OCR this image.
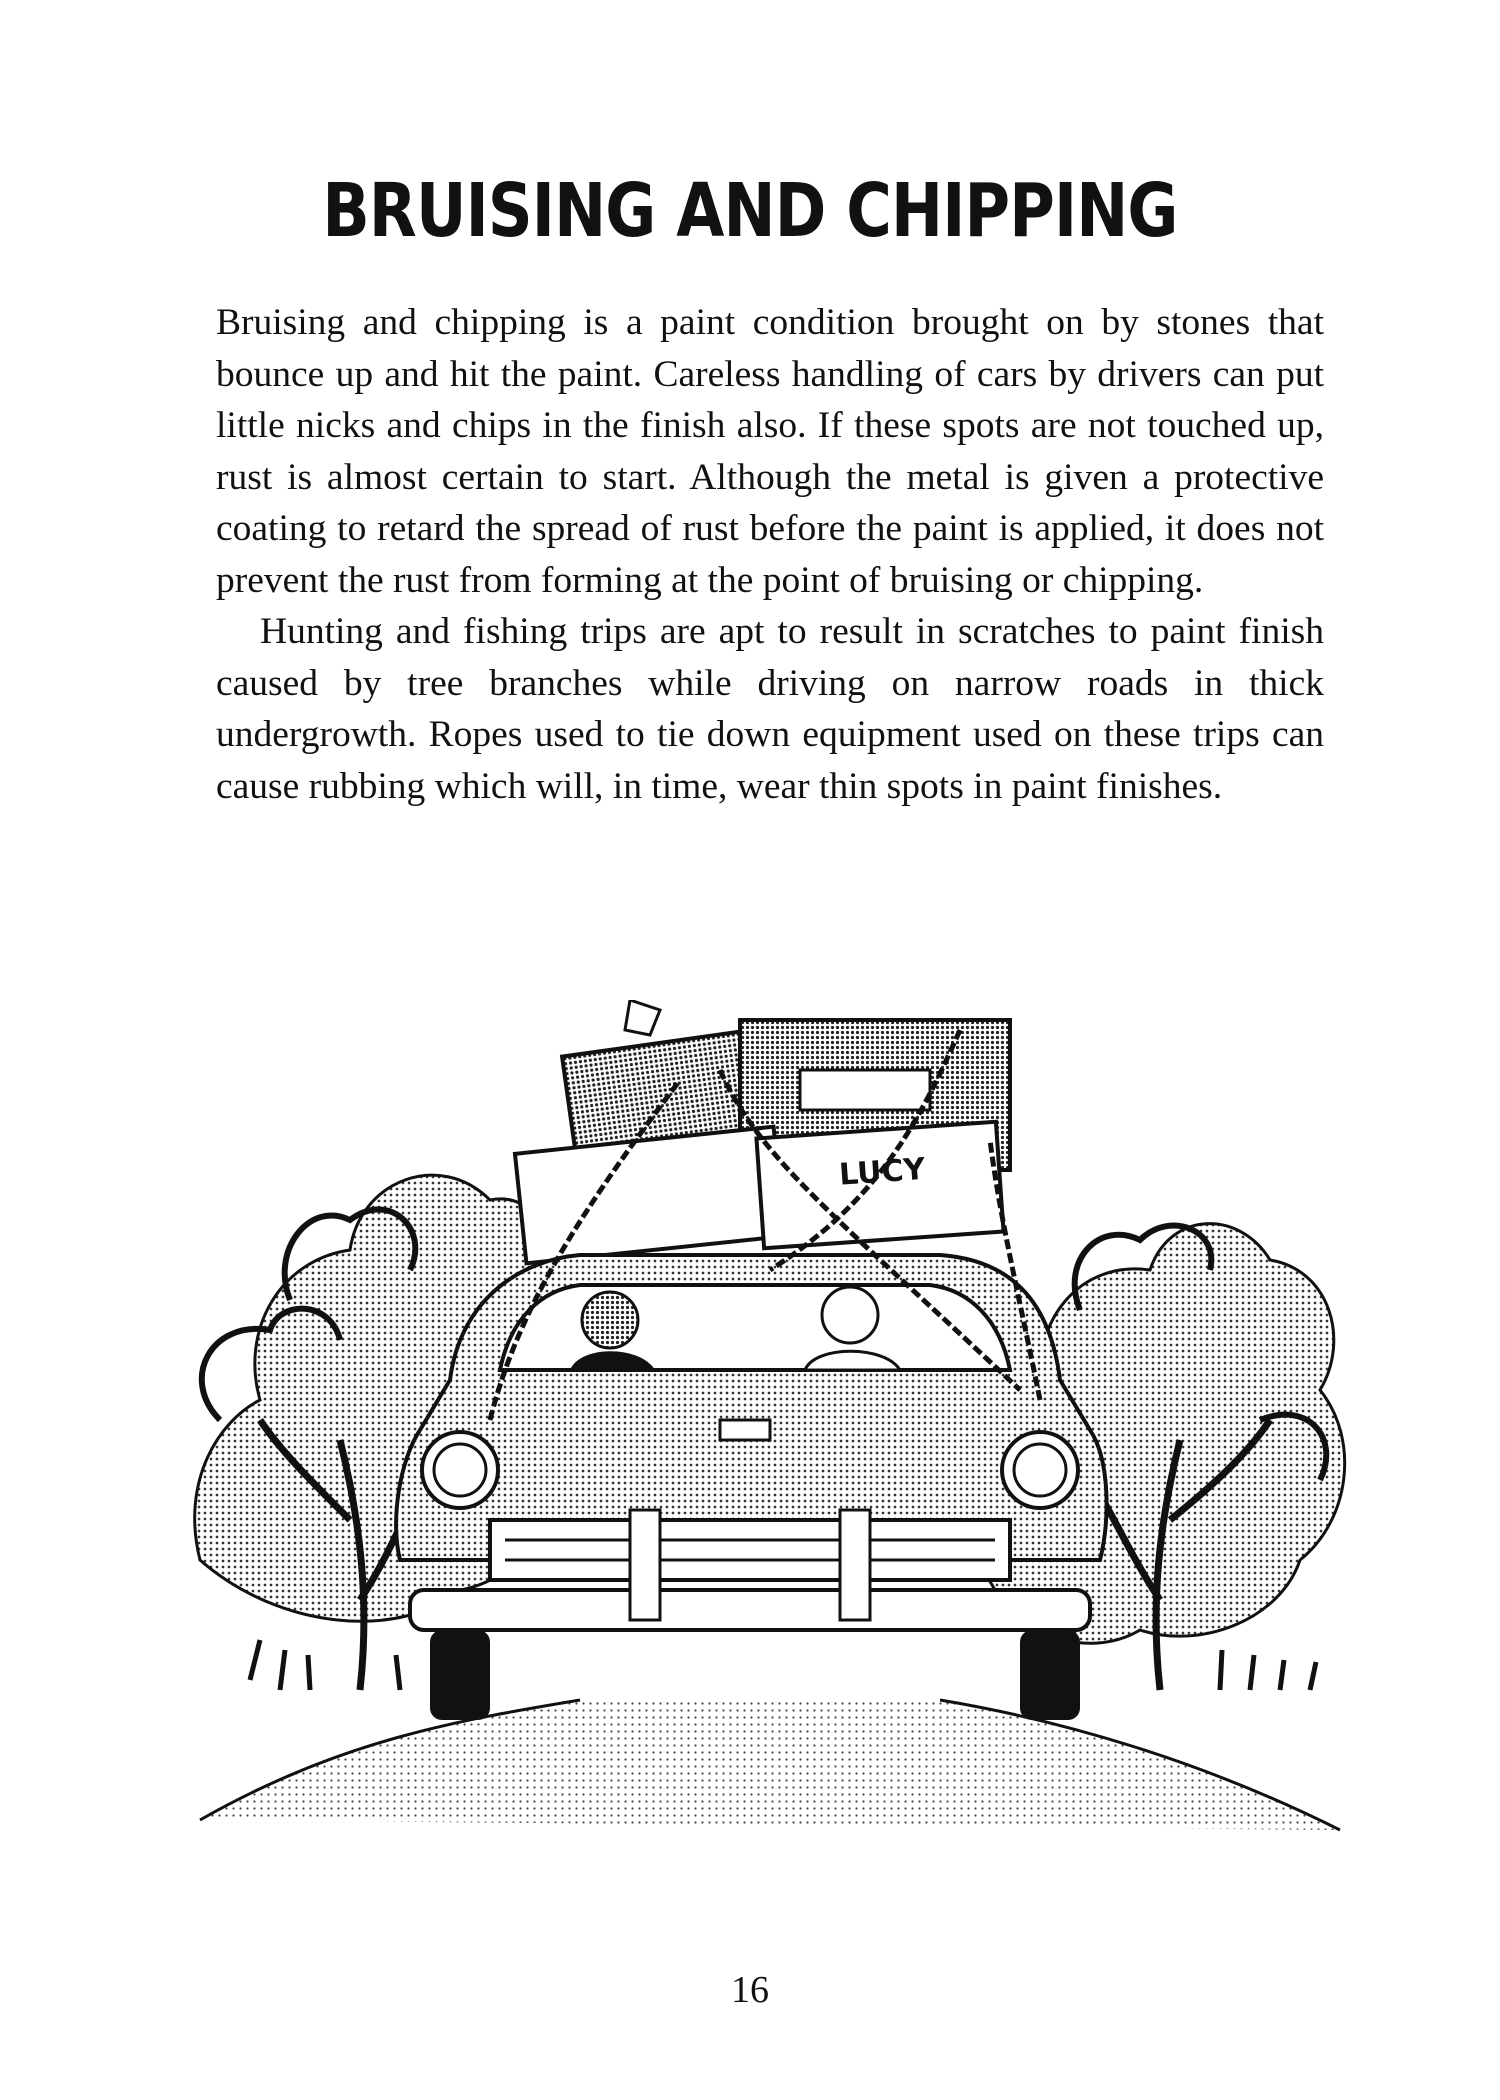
BRUISING AND CHIPPING

Bruising and chipping is a paint condition brought on by stones that bounce up and hit the paint. Careless handling of cars by drivers can put little nicks and chips in the finish also. If these spots are not touched up, rust is almost certain to start. Although the metal is given a protective coating to retard the spread of rust before the paint is applied, it does not prevent the rust from forming at the point of bruising or chipping.

Hunting and fishing trips are apt to result in scratches to paint finish caused by tree branches while driving on narrow roads in thick undergrowth. Ropes used to tie down equipment used on these trips can cause rubbing which will, in time, wear thin spots in paint finishes.

LUCY
16
